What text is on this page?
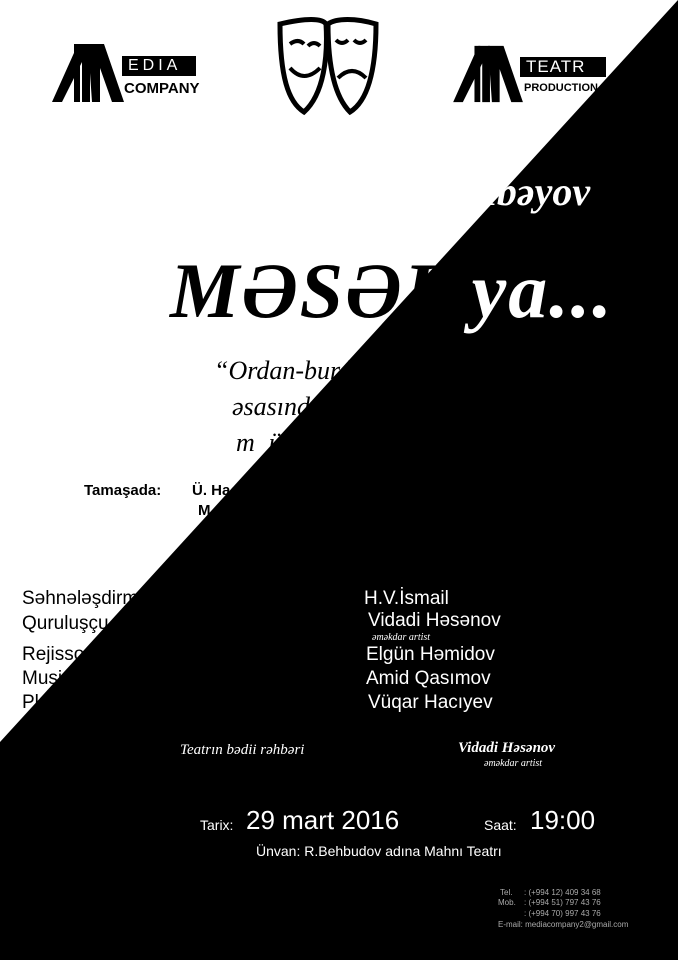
EDIA
COMPANY
TEATR
PRODUCTION
Ü.Hacıbəyov
MƏSƏL ya...
“Ordan-burdan” kitabı
əsasında bir kölümlü
mükaliməs
Tamaşada: Ü. Hacıbəyovun musiqilərindən,
M.Ə.Sabirin şeirlərindən,
H.V.İsmailin mahnılarından
istifadə edilmişdir.
Səhnələşdirmə	H.V.İsmail
Quruluşçu rejissor	Vidadi Həsənov
əməkdar artist
Rejissor assistenti	Elgün Həmidov
Musiqi tərtibatı	Amid Qasımov
Plastika	Vüqar Hacıyev
Teatrın bədii rəhbəri	Vidadi Həsənov
əməkdar artist
Tarix: 29 mart 2016	Saat: 19:00
Ünvan: R.Behbudov adına Mahnı Teatrı
Tel. : (+994 12) 409 34 68
Mob. : (+994 51) 797 43 76
: (+994 70) 997 43 76
E-mail: mediacompany2@gmail.com
